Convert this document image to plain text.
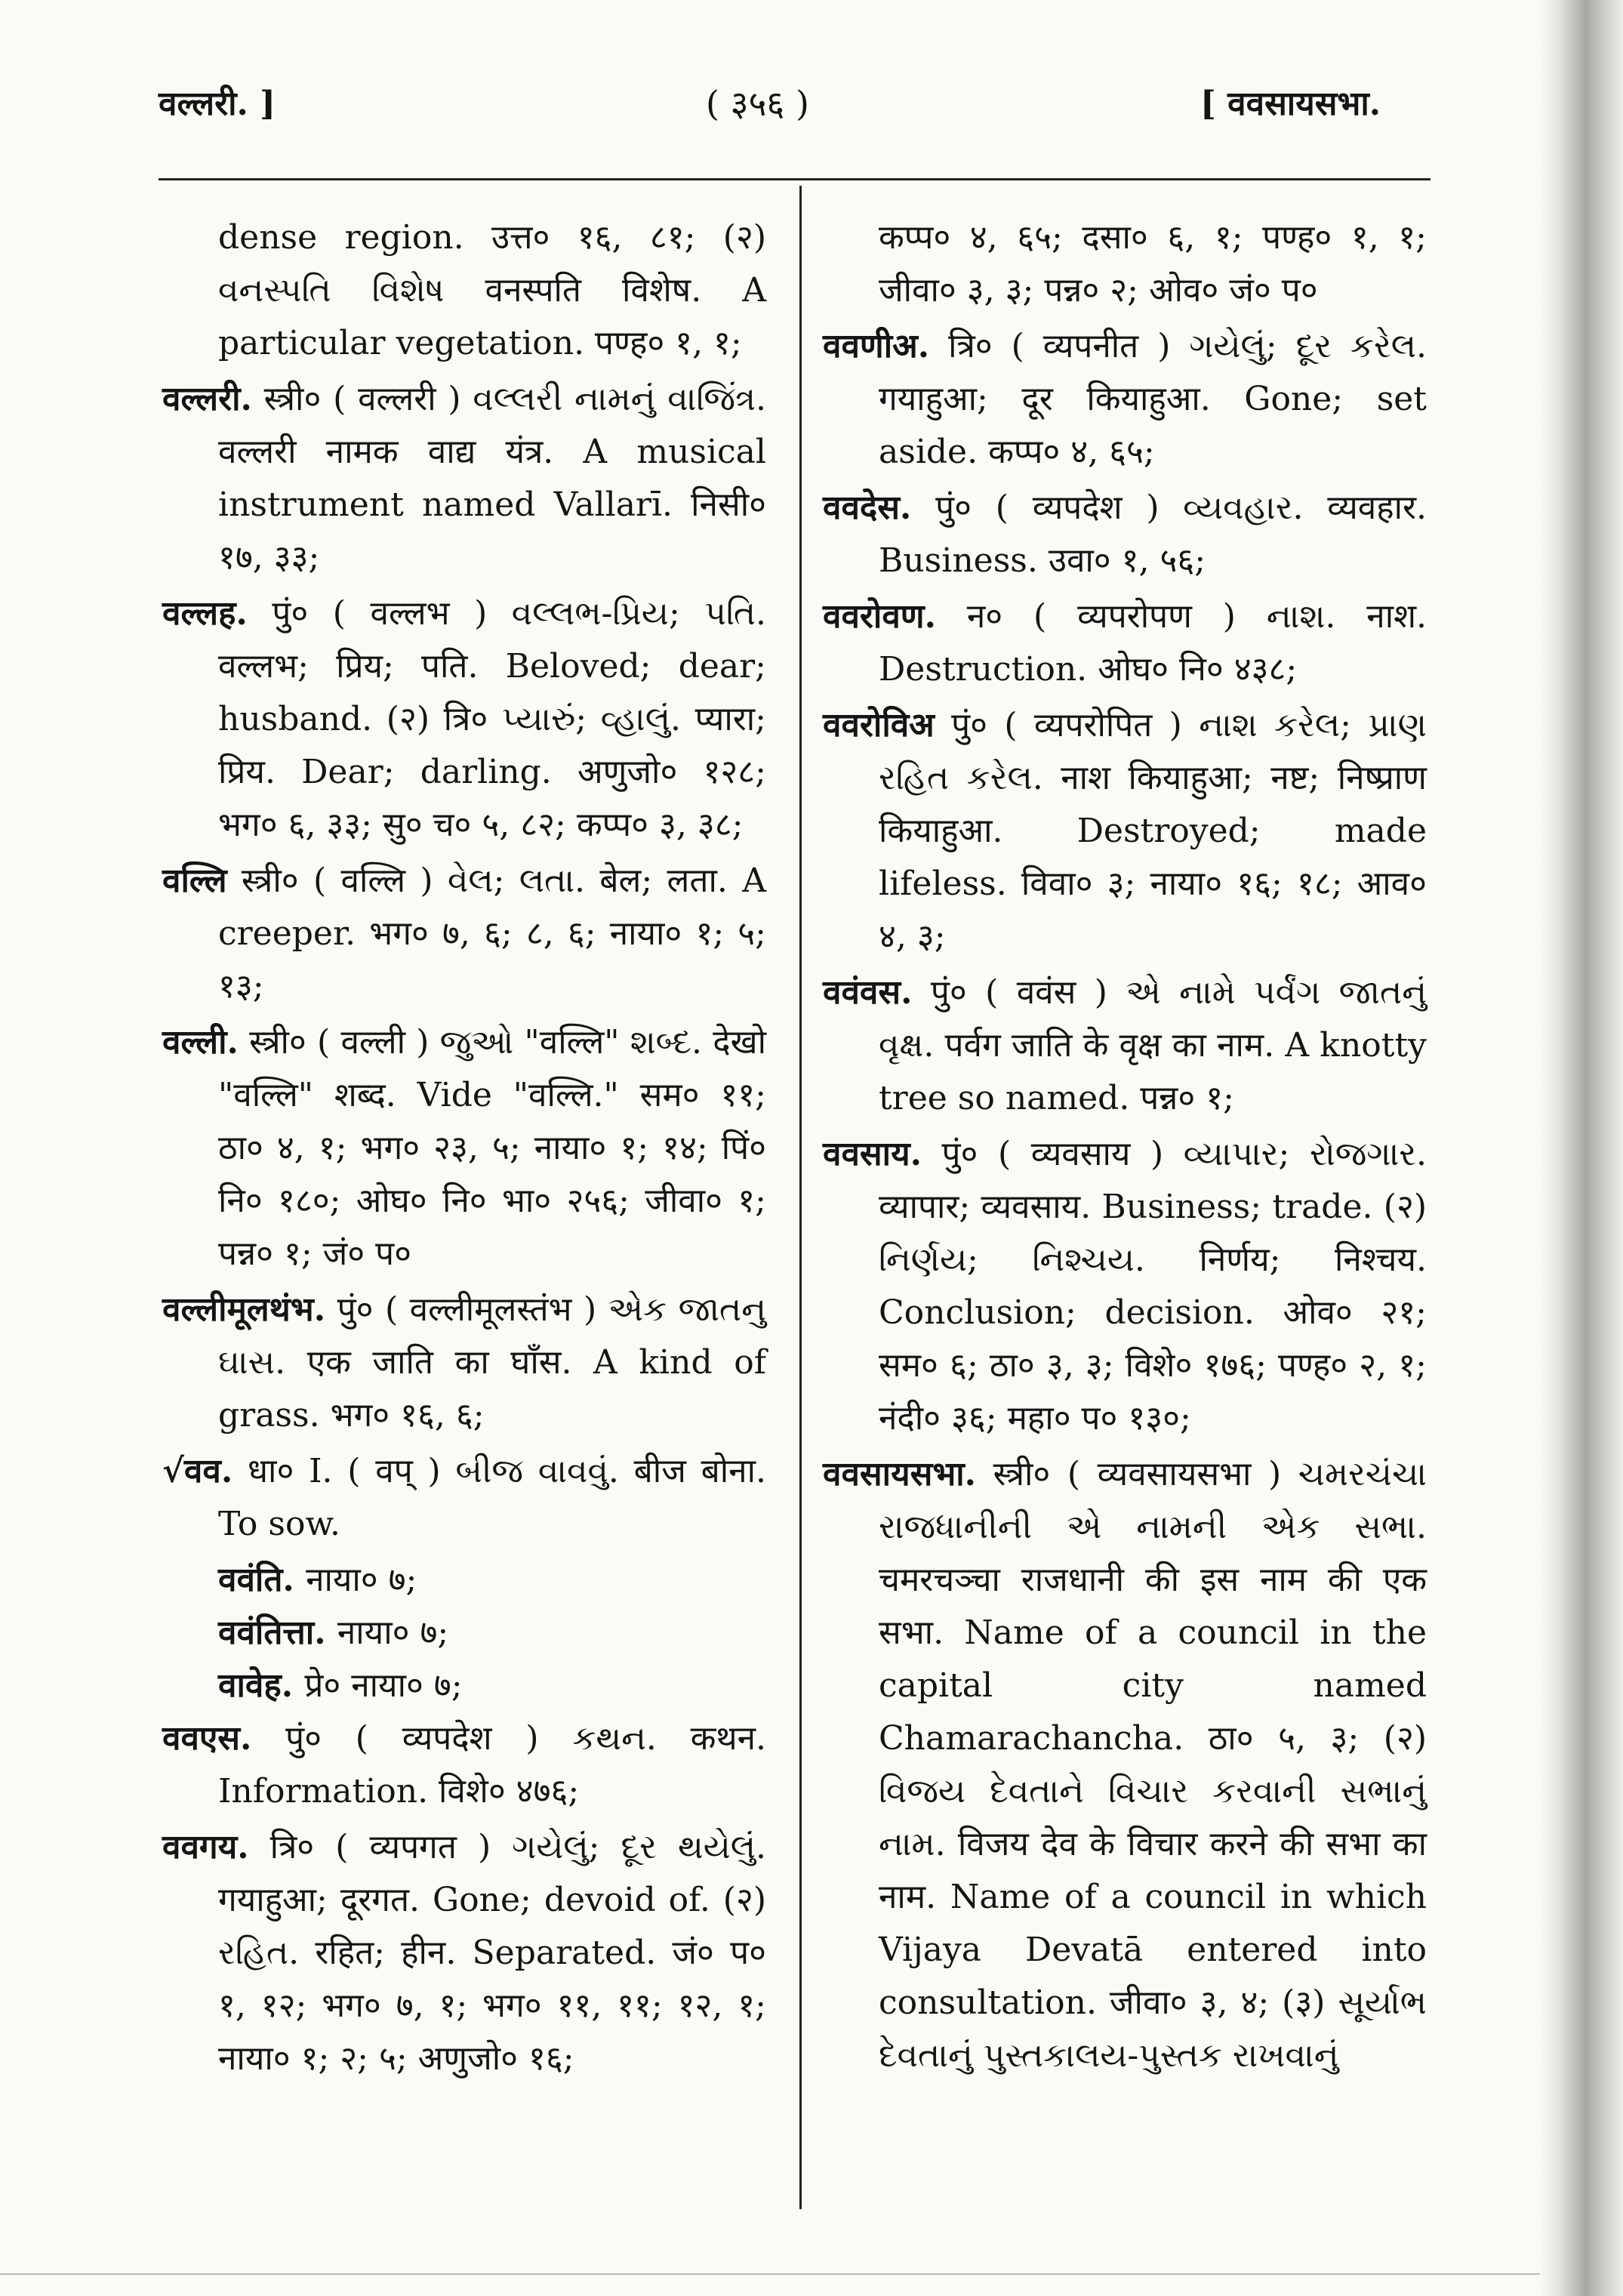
वल्लरी. ]	( ३५६ )	[ ववसायसभा.
dense region. उत्त० १६, ८१; (२) વનસ્પતિ વિશેષ वनस्पति विशेष. A particular vegetation. पण्ह० १, १;
वल्लरी. स्त्री० ( वल्लरी ) વલ્લરી નામનું વાજિંત્ર. वल्लरी नामक वाद्य यंत्र. A musical instrument named Vallarī. निसी० १७, ३३;
वल्लह. पुं० ( वल्लभ ) વલ્લભ-પ્રિય; પતિ. वल्लभ; प्रिय; पति. Beloved; dear; husband. (२) त्रि० પ્યારું; વ્હાલું. प्यारा; प्रिय. Dear; darling. अणुजो० १२८; भग० ६, ३३; सु० च० ५, ८२; कप्प० ३, ३८;
वल्लि स्त्री० ( वल्लि ) વેલ; લતા. बेल; लता. A creeper. भग० ७, ६; ८, ६; नाया० १; ५; १३;
वल्ली. स्त्री० ( वल्ली ) જુઓ "वल्लि" શબ્દ. देखो "वल्लि" शब्द. Vide "वल्लि." सम० ११; ठा० ४, १; भग० २३, ५; नाया० १; १४; पिं० नि० १८०; ओघ० नि० भा० २५६; जीवा० १; पन्न० १; जं० प०
वल्लीमूलथंभ. पुं० ( वल्लीमूलस्तंभ ) એક જાતનુ ઘાસ. एक जाति का घाँस. A kind of grass. भग० १६, ६;
√वव. धा० I. ( वप् ) બીજ વાવવું. बीज बोना. To sow.
ववंति. नाया० ७;
ववंतित्ता. नाया० ७;
वावेह. प्रे० नाया० ७;
ववएस. पुं० ( व्यपदेश ) કથન. कथन. Information. विशे० ४७६;
ववगय. त्रि० ( व्यपगत ) ગયેલું; દૂર થયેલું. गयाहुआ; दूरगत. Gone; devoid of. (२) રહિત. रहित; हीन. Separated. जं० प० १, १२; भग० ७, १; भग० ११, ११; १२, १; नाया० १; २; ५; अणुजो० १६;
कप्प० ४, ६५; दसा० ६, १; पण्ह० १, १; जीवा० ३, ३; पन्न० २; ओव० जं० प०
ववणीअ. त्रि० ( व्यपनीत ) ગયેલું; દૂર કરેલ. गयाहुआ; दूर कियाहुआ. Gone; set aside. कप्प० ४, ६५;
ववदेस. पुं० ( व्यपदेश ) વ્યવહાર. व्यवहार. Business. उवा० १, ५६;
ववरोवण. न० ( व्यपरोपण ) નાશ. नाश. Destruction. ओघ० नि० ४३८;
ववरोविअ पुं० ( व्यपरोपित ) નાશ કરેલ; પ્રાણ રહિત કરેલ. नाश कियाहुआ; नष्ट; निष्प्राण कियाहुआ. Destroyed; made lifeless. विवा० ३; नाया० १६; १८; आव० ४, ३;
ववंवस. पुं० ( ववंस ) એ નામે પર્વંગ જાતનું વૃક્ષ. पर्वग जाति के वृक्ष का नाम. A knotty tree so named. पन्न० १;
ववसाय. पुं० ( व्यवसाय ) વ્યાપાર; રોજગાર. व्यापार; व्यवसाय. Business; trade. (२) નિર્ણય; નિશ્ચય. निर्णय; निश्चय. Conclusion; decision. ओव० २१; सम० ६; ठा० ३, ३; विशे० १७६; पण्ह० २, १; नंदी० ३६; महा० प० १३०;
ववसायसभा. स्त्री० ( व्यवसायसभा ) ચમરચંચા રાજધાનીની એ નામની એક સભા. चमरचञ्चा राजधानी की इस नाम की एक सभा. Name of a council in the capital city named Chamarachancha. ठा० ५, ३; (२) વિજય દેવતાને વિચાર કરવાની સભાનું નામ. विजय देव के विचार करने की सभा का नाम. Name of a council in which Vijaya Devatā entered into consultation. जीवा० ३, ४; (३) સૂર્યાભ દેવતાનું પુસ્તકાલય-પુસ્તક રાખવાનું
